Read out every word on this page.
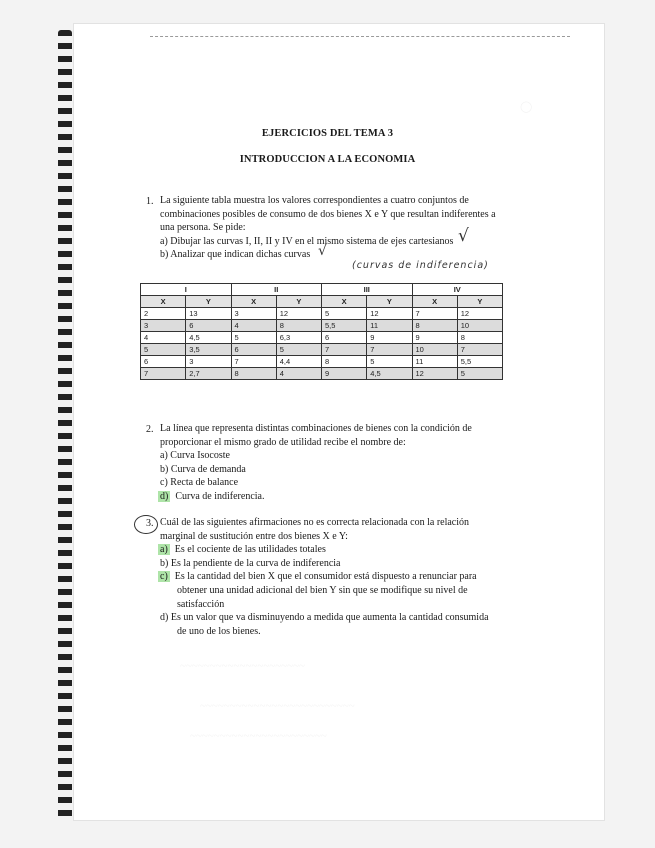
◯
EJERCICIOS DEL TEMA 3
INTRODUCCION A LA ECONOMIA
1. La siguiente tabla muestra los valores correspondientes a cuatro conjuntos de
combinaciones posibles de consumo de dos bienes X e Y que resultan indiferentes a
una persona. Se pide:
a) Dibujar las curvas I, II, II y IV en el mismo sistema de ejes cartesianos
b) Analizar que indican dichas curvas
√
√
(curvas de indiferencia)
I		II		III		IV	
X	Y	X	Y	X	Y	X	Y
2	13	3	12	5	12	7	12
3	6	4	8	5,5	11	8	10
4	4,5	5	6,3	6	9	9	8
5	3,5	6	5	7	7	10	7
6	3	7	4,4	8	5	11	5,5
7	2,7	8	4	9	4,5	12	5
2. La línea que representa distintas combinaciones de bienes con la condición de
proporcionar el mismo grado de utilidad recibe el nombre de:
a) Curva Isocoste
b) Curva de demanda
c) Recta de balance
d) Curva de indiferencia.
3. Cuál de las siguientes afirmaciones no es correcta relacionada con la relación
marginal de sustitución entre dos bienes X e Y:
a) Es el cociente de las utilidades totales
b) Es la pendiente de la curva de indiferencia
c) Es la cantidad del bien X que el consumidor está dispuesto a renunciar para
obtener una unidad adicional del bien Y sin que se modifique su nivel de
satisfacción
d) Es un valor que va disminuyendo a medida que aumenta la cantidad consumida
de uno de los bienes.
~~~~~~~~~~~~~~~~~~~~~
~~~~~~~~~~~~~~~~~~~~~~~~~~
~~~~~~~~~~~~~~~~~~~~~~~
